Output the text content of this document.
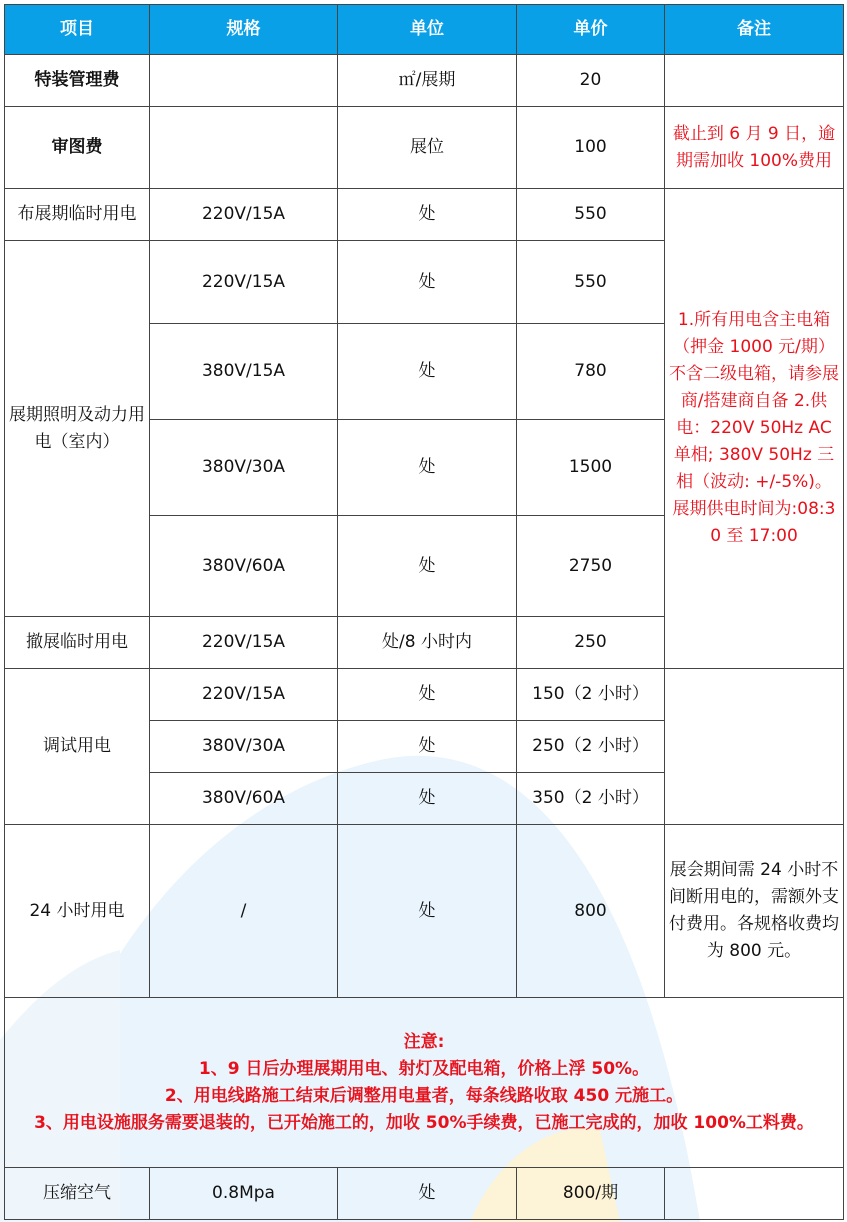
项目	规格	单位	单价	备注
特装管理费		㎡/展期	20	
审图费		展位	100	截止到 6 月 9 日，逾期需加收 100%费用
布展期临时用电	220V/15A	处	550	1.所有用电含主电箱（押金 1000 元/期）不含二级电箱，请参展商/搭建商自备 2.供电：220V 50Hz AC 单相; 380V 50Hz 三相（波动: +/-5%)。展期供电时间为:08:30 至 17:00
展期照明及动力用电（室内）	220V/15A	处	550	
	380V/15A	处	780	
	380V/30A	处	1500	
	380V/60A	处	2750	
撤展临时用电	220V/15A	处/8 小时内	250	
调试用电	220V/15A	处	150（2 小时）	
	380V/30A	处	250（2 小时）	
	380V/60A	处	350（2 小时）	
24 小时用电	/	处	800	展会期间需 24 小时不间断用电的，需额外支付费用。各规格收费均为 800 元。

注意:
1、9 日后办理展期用电、射灯及配电箱，价格上浮 50%。
2、用电线路施工结束后调整用电量者，每条线路收取 450 元施工。
3、用电设施服务需要退装的，已开始施工的，加收 50%手续费，已施工完成的，加收 100%工料费。				

压缩空气	0.8Mpa	处	800/期	
